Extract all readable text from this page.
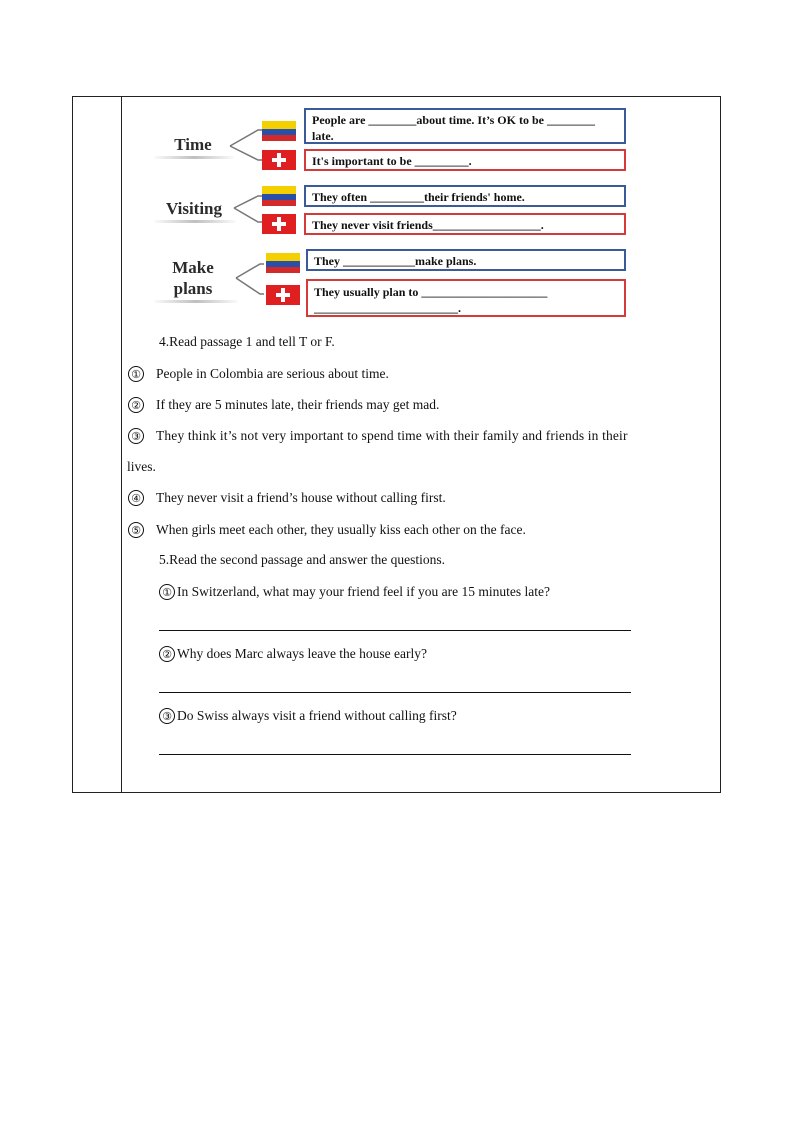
Time
Visiting
Make plans
People are ________about time. It’s OK to be ________ late.
It's important to be _________.
They often _________their friends' home.
They never visit friends__________________.
They ____________make plans.
They usually plan to _____________________ ________________________.
4.Read passage 1 and tell T or F.
① People in Colombia are serious about time.
② If they are 5 minutes late, their friends may get mad.
③ They think it’s not very important to spend time with their family and friends in their
lives.
④ They never visit a friend’s house without calling first.
⑤ When girls meet each other, they usually kiss each other on the face.
5.Read the second passage and answer the questions.
① In Switzerland, what may your friend feel if you are 15 minutes late?
② Why does Marc always leave the house early?
③ Do Swiss always visit a friend without calling first?
